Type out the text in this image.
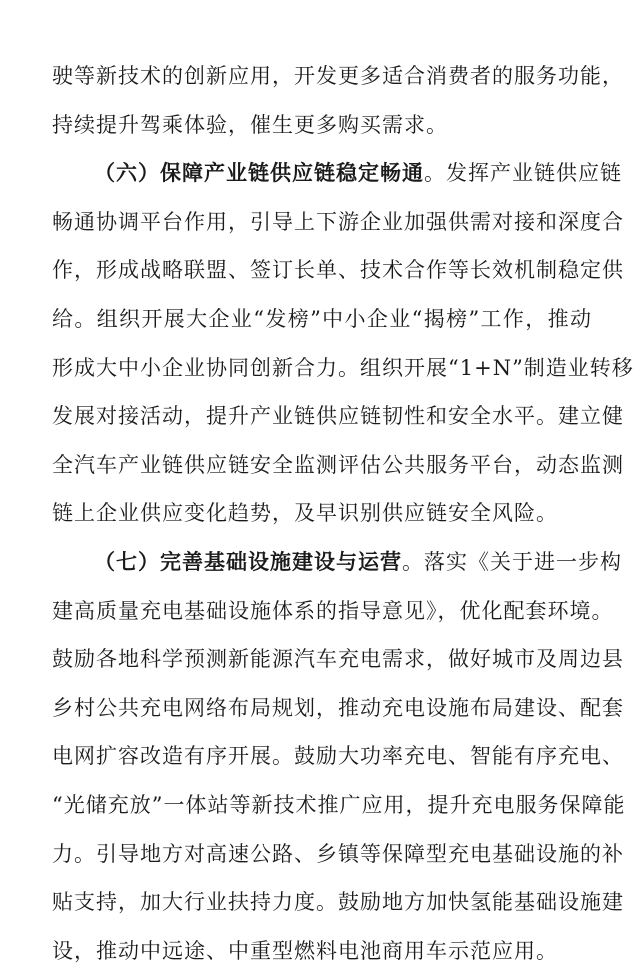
驶等新技术的创新应用，开发更多适合消费者的服务功能，
持续提升驾乘体验，催生更多购买需求。
（六）保障产业链供应链稳定畅通。发挥产业链供应链
畅通协调平台作用，引导上下游企业加强供需对接和深度合
作，形成战略联盟、签订长单、技术合作等长效机制稳定供
给。组织开展大企业“发榜”中小企业“揭榜”工作，推动
形成大中小企业协同创新合力。组织开展“1+N”制造业转移
发展对接活动，提升产业链供应链韧性和安全水平。建立健
全汽车产业链供应链安全监测评估公共服务平台，动态监测
链上企业供应变化趋势，及早识别供应链安全风险。
（七）完善基础设施建设与运营。落实《关于进一步构
建高质量充电基础设施体系的指导意见》，优化配套环境。
鼓励各地科学预测新能源汽车充电需求，做好城市及周边县
乡村公共充电网络布局规划，推动充电设施布局建设、配套
电网扩容改造有序开展。鼓励大功率充电、智能有序充电、
“光储充放”一体站等新技术推广应用，提升充电服务保障能
力。引导地方对高速公路、乡镇等保障型充电基础设施的补
贴支持，加大行业扶持力度。鼓励地方加快氢能基础设施建
设，推动中远途、中重型燃料电池商用车示范应用。
